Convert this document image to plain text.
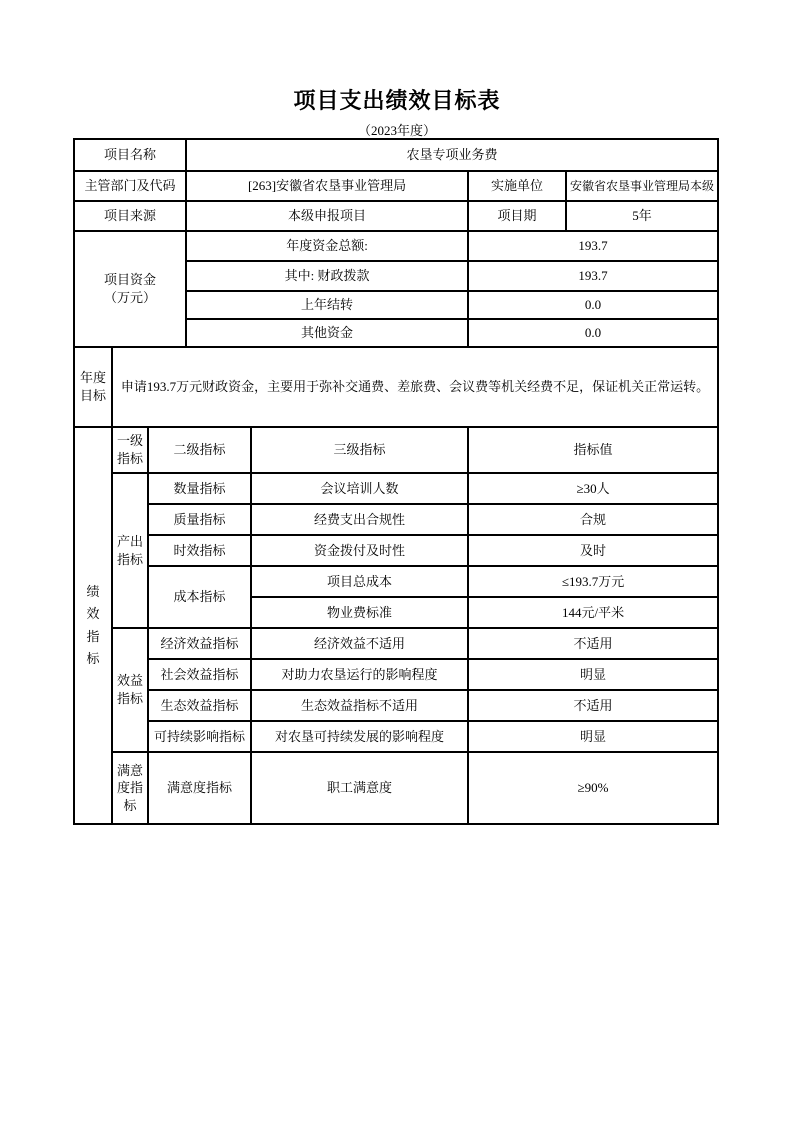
项目支出绩效目标表
（2023年度）
项目名称			农垦专项业务费			
主管部门及代码			[263]安徽省农垦事业管理局		实施单位	安徽省农垦事业管理局本级
项目来源			本级申报项目		项目期	5年
项目资金
（万元）			年度资金总额:		193.7	
			其中: 财政拨款		193.7	
			上年结转		0.0	
			其他资金		0.0	
年度目标	申请193.7万元财政资金，主要用于弥补交通费、差旅费、会议费等机关经费不足，保证机关正常运转。					
绩效指标	一级指标	二级指标		三级指标	指标值	
	产出指标	数量指标		会议培训人数	≥30人	
		质量指标		经费支出合规性	合规	
		时效指标		资金拨付及时性	及时	
		成本指标		项目总成本	≤193.7万元	
				物业费标准	144元/平米	
	效益指标	经济效益指标		经济效益不适用	不适用	
		社会效益指标		对助力农垦运行的影响程度	明显	
		生态效益指标		生态效益指标不适用	不适用	
		可持续影响指标		对农垦可持续发展的影响程度	明显	
	满意度指标	满意度指标		职工满意度	≥90%	
